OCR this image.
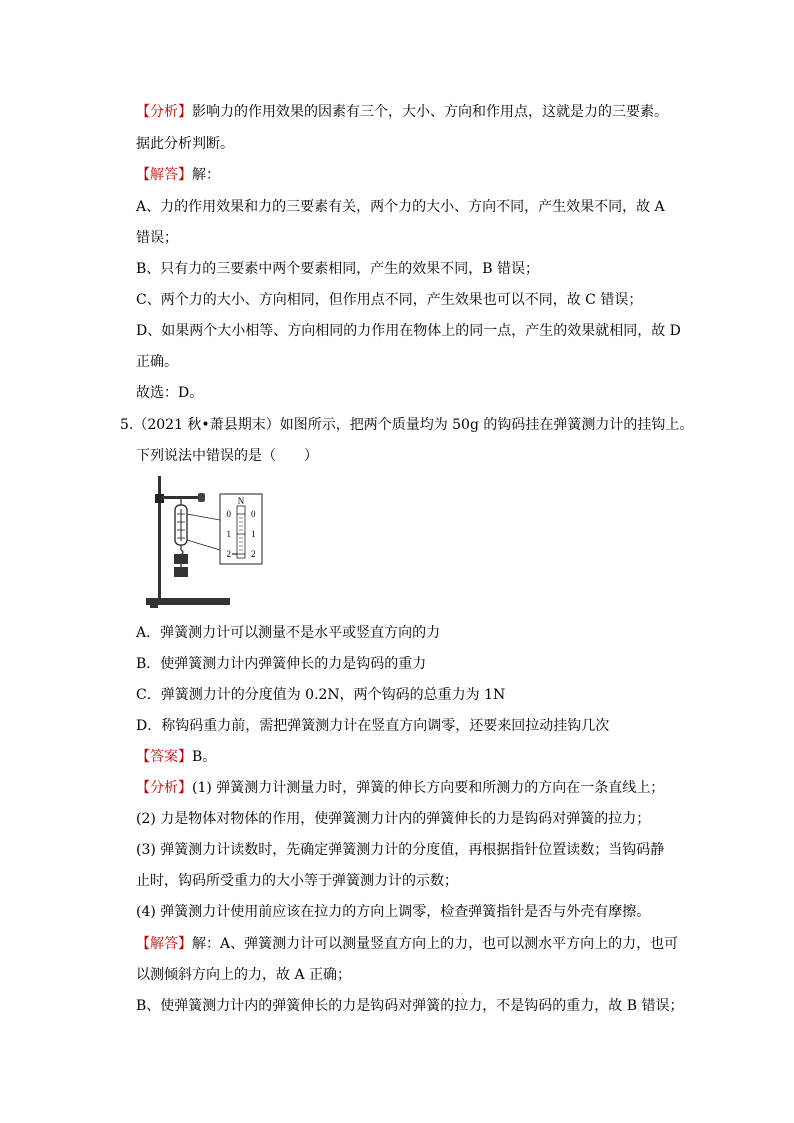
【分析】影响力的作用效果的因素有三个，大小、方向和作用点，这就是力的三要素。
据此分析判断。
【解答】解：
A、力的作用效果和力的三要素有关，两个力的大小、方向不同，产生效果不同，故 A
错误；
B、只有力的三要素中两个要素相同，产生的效果不同，B 错误；
C、两个力的大小、方向相同，但作用点不同，产生效果也可以不同，故 C 错误；
D、如果两个大小相等、方向相同的力作用在物体上的同一点，产生的效果就相同，故 D
正确。
故选：D。
5.（2021 秋•萧县期末）如图所示，把两个质量均为 50g 的钩码挂在弹簧测力计的挂钩上。
下列说法中错误的是（　　）
N
0
1
2
0
1
2
A．弹簧测力计可以测量不是水平或竖直方向的力
B．使弹簧测力计内弹簧伸长的力是钩码的重力
C．弹簧测力计的分度值为 0.2N，两个钩码的总重力为 1N
D．称钩码重力前，需把弹簧测力计在竖直方向调零，还要来回拉动挂钩几次
【答案】B。
【分析】(1) 弹簧测力计测量力时，弹簧的伸长方向要和所测力的方向在一条直线上；
(2) 力是物体对物体的作用，使弹簧测力计内的弹簧伸长的力是钩码对弹簧的拉力；
(3) 弹簧测力计读数时，先确定弹簧测力计的分度值，再根据指针位置读数；当钩码静
止时，钩码所受重力的大小等于弹簧测力计的示数；
(4) 弹簧测力计使用前应该在拉力的方向上调零，检查弹簧指针是否与外壳有摩擦。
【解答】解：A、弹簧测力计可以测量竖直方向上的力，也可以测水平方向上的力，也可
以测倾斜方向上的力，故 A 正确；
B、使弹簧测力计内的弹簧伸长的力是钩码对弹簧的拉力，不是钩码的重力，故 B 错误；
